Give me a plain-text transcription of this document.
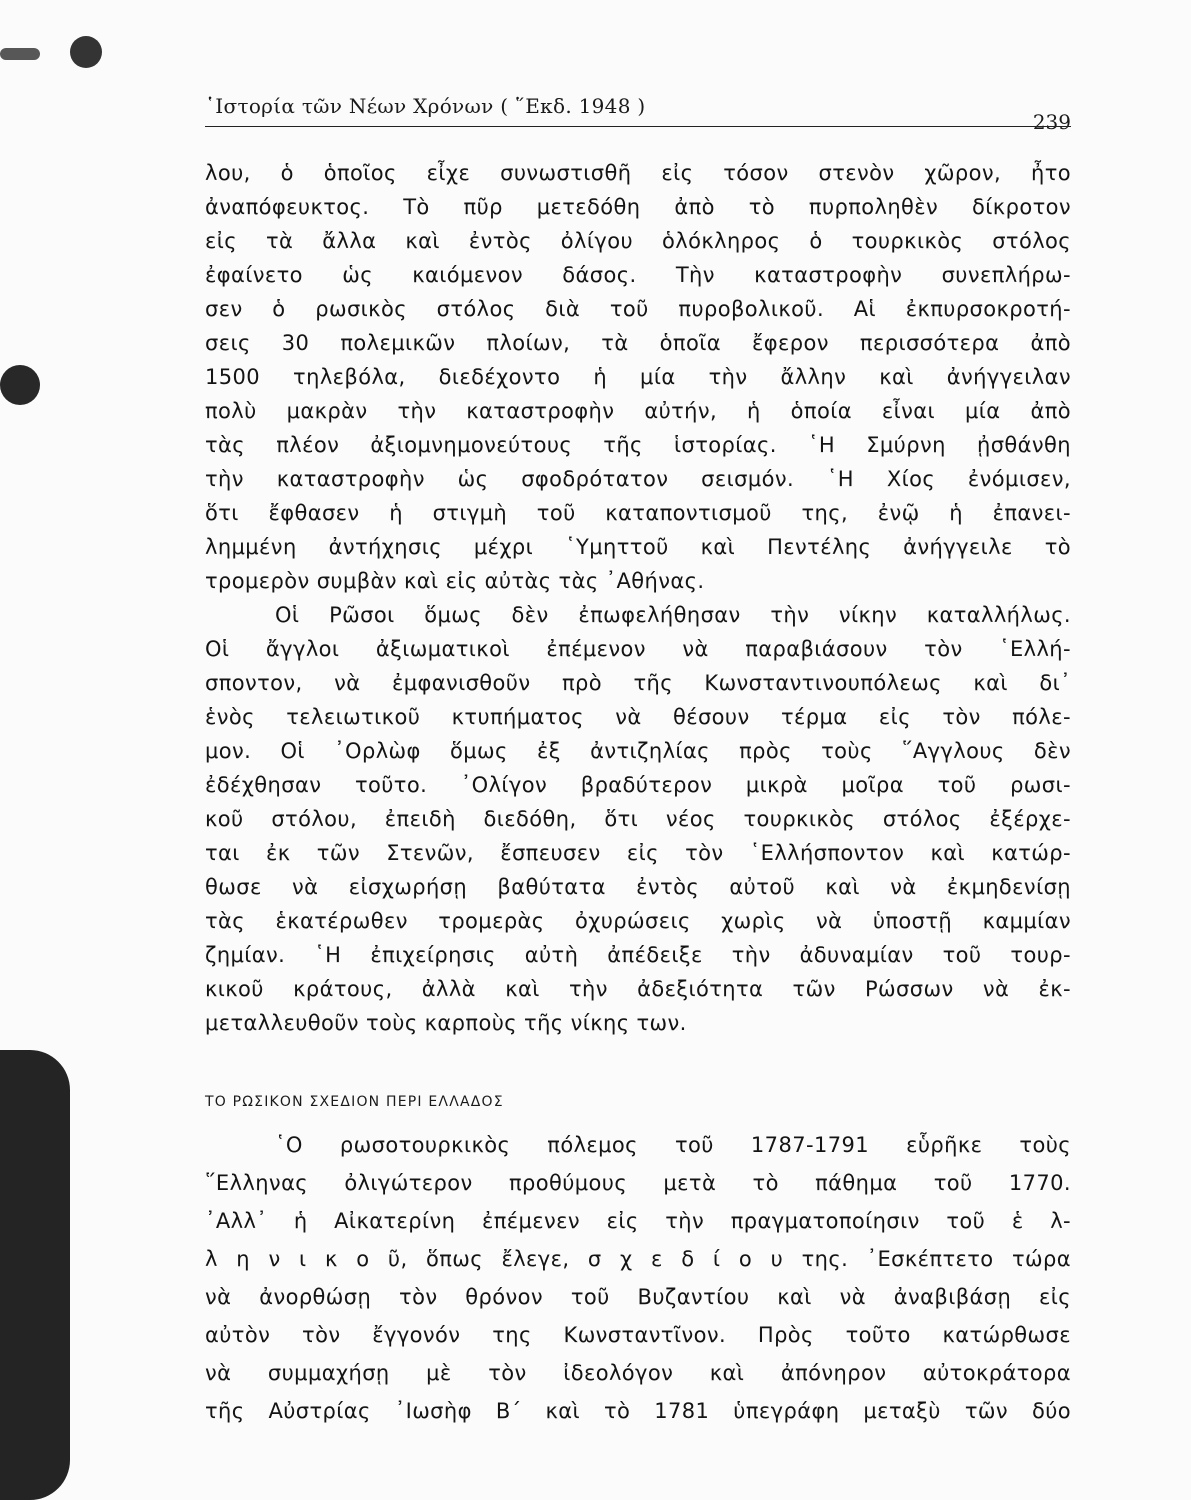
῾Ιστορία τῶν Νέων Χρόνων ( ῞Εκδ. 1948 )
239
λου, ὁ ὁποῖος εἶχε συνωστισθῆ εἰς τόσον στενὸν χῶρον, ἦτο
ἀναπόφευκτος. Τὸ πῦρ μετεδόθη ἀπὸ τὸ πυρποληθὲν δίκροτον
εἰς τὰ ἄλλα καὶ ἐντὸς ὀλίγου ὁλόκληρος ὁ τουρκικὸς στόλος
ἐφαίνετο ὡς καιόμενον δάσος. Τὴν καταστροφὴν συνεπλήρω-
σεν ὁ ρωσικὸς στόλος διὰ τοῦ πυροβολικοῦ. Αἱ ἐκπυρσοκροτή-
σεις 30 πολεμικῶν πλοίων, τὰ ὁποῖα ἔφερον περισσότερα ἀπὸ
1500 τηλεβόλα, διεδέχοντο ἡ μία τὴν ἄλλην καὶ ἀνήγγειλαν
πολὺ μακρὰν τὴν καταστροφὴν αὐτήν, ἡ ὁποία εἶναι μία ἀπὸ
τὰς πλέον ἀξιομνημονεύτους τῆς ἱστορίας. ῾Η Σμύρνη ᾐσθάνθη
τὴν καταστροφὴν ὡς σφοδρότατον σεισμόν. ῾Η Χίος ἐνόμισεν,
ὅτι ἔφθασεν ἡ στιγμὴ τοῦ καταποντισμοῦ της, ἐνῷ ἡ ἐπανει-
λημμένη ἀντήχησις μέχρι ῾Υμηττοῦ καὶ Πεντέλης ἀνήγγειλε τὸ
τρομερὸν συμβὰν καὶ εἰς αὐτὰς τὰς ᾿Αθήνας.
Οἱ Ρῶσοι ὅμως δὲν ἐπωφελήθησαν τὴν νίκην καταλλήλως.
Οἱ ἄγγλοι ἀξιωματικοὶ ἐπέμενον νὰ παραβιάσουν τὸν ῾Ελλή-
σποντον, νὰ ἐμφανισθοῦν πρὸ τῆς Κωνσταντινουπόλεως καὶ δι᾿
ἑνὸς τελειωτικοῦ κτυπήματος νὰ θέσουν τέρμα εἰς τὸν πόλε-
μον. Οἱ ᾿Ορλὼφ ὅμως ἐξ ἀντιζηλίας πρὸς τοὺς ῞Αγγλους δὲν
ἐδέχθησαν τοῦτο. ᾿Ολίγον βραδύτερον μικρὰ μοῖρα τοῦ ρωσι-
κοῦ στόλου, ἐπειδὴ διεδόθη, ὅτι νέος τουρκικὸς στόλος ἐξέρχε-
ται ἐκ τῶν Στενῶν, ἔσπευσεν εἰς τὸν ῾Ελλήσποντον καὶ κατώρ-
θωσε νὰ εἰσχωρήσῃ βαθύτατα ἐντὸς αὐτοῦ καὶ νὰ ἐκμηδενίσῃ
τὰς ἑκατέρωθεν τρομερὰς ὀχυρώσεις χωρὶς νὰ ὑποστῇ καμμίαν
ζημίαν. ῾Η ἐπιχείρησις αὐτὴ ἀπέδειξε τὴν ἀδυναμίαν τοῦ τουρ-
κικοῦ κράτους, ἀλλὰ καὶ τὴν ἀδεξιότητα τῶν Ρώσσων νὰ ἐκ-
μεταλλευθοῦν τοὺς καρποὺς τῆς νίκης των.
ΤΟ ΡΩΣΙΚΟΝ ΣΧΕΔΙΟΝ ΠΕΡΙ ΕΛΛΑΔΟΣ
῾Ο ρωσοτουρκικὸς πόλεμος τοῦ 1787-1791 εὗρῆκε τοὺς
῞Ελληνας ὀλιγώτερον προθύμους μετὰ τὸ πάθημα τοῦ 1770.
᾿Αλλ᾿ ἡ Αἰκατερίνη ἐπέμενεν εἰς τὴν πραγματοποίησιν τοῦ ἑ λ-
λ η ν ι κ ο ῦ, ὅπως ἔλεγε, σ χ ε δ ί ο υ της. ᾿Εσκέπτετο τώρα
νὰ ἀνορθώσῃ τὸν θρόνον τοῦ Βυζαντίου καὶ νὰ ἀναβιβάσῃ εἰς
αὐτὸν τὸν ἔγγονόν της Κωνσταντῖνον. Πρὸς τοῦτο κατώρθωσε
νὰ συμμαχήσῃ μὲ τὸν ἰδεολόγον καὶ ἀπόνηρον αὐτοκράτορα
τῆς Αὐστρίας ᾿Ιωσὴφ Β΄ καὶ τὸ 1781 ὑπεγράφη μεταξὺ τῶν δύο
